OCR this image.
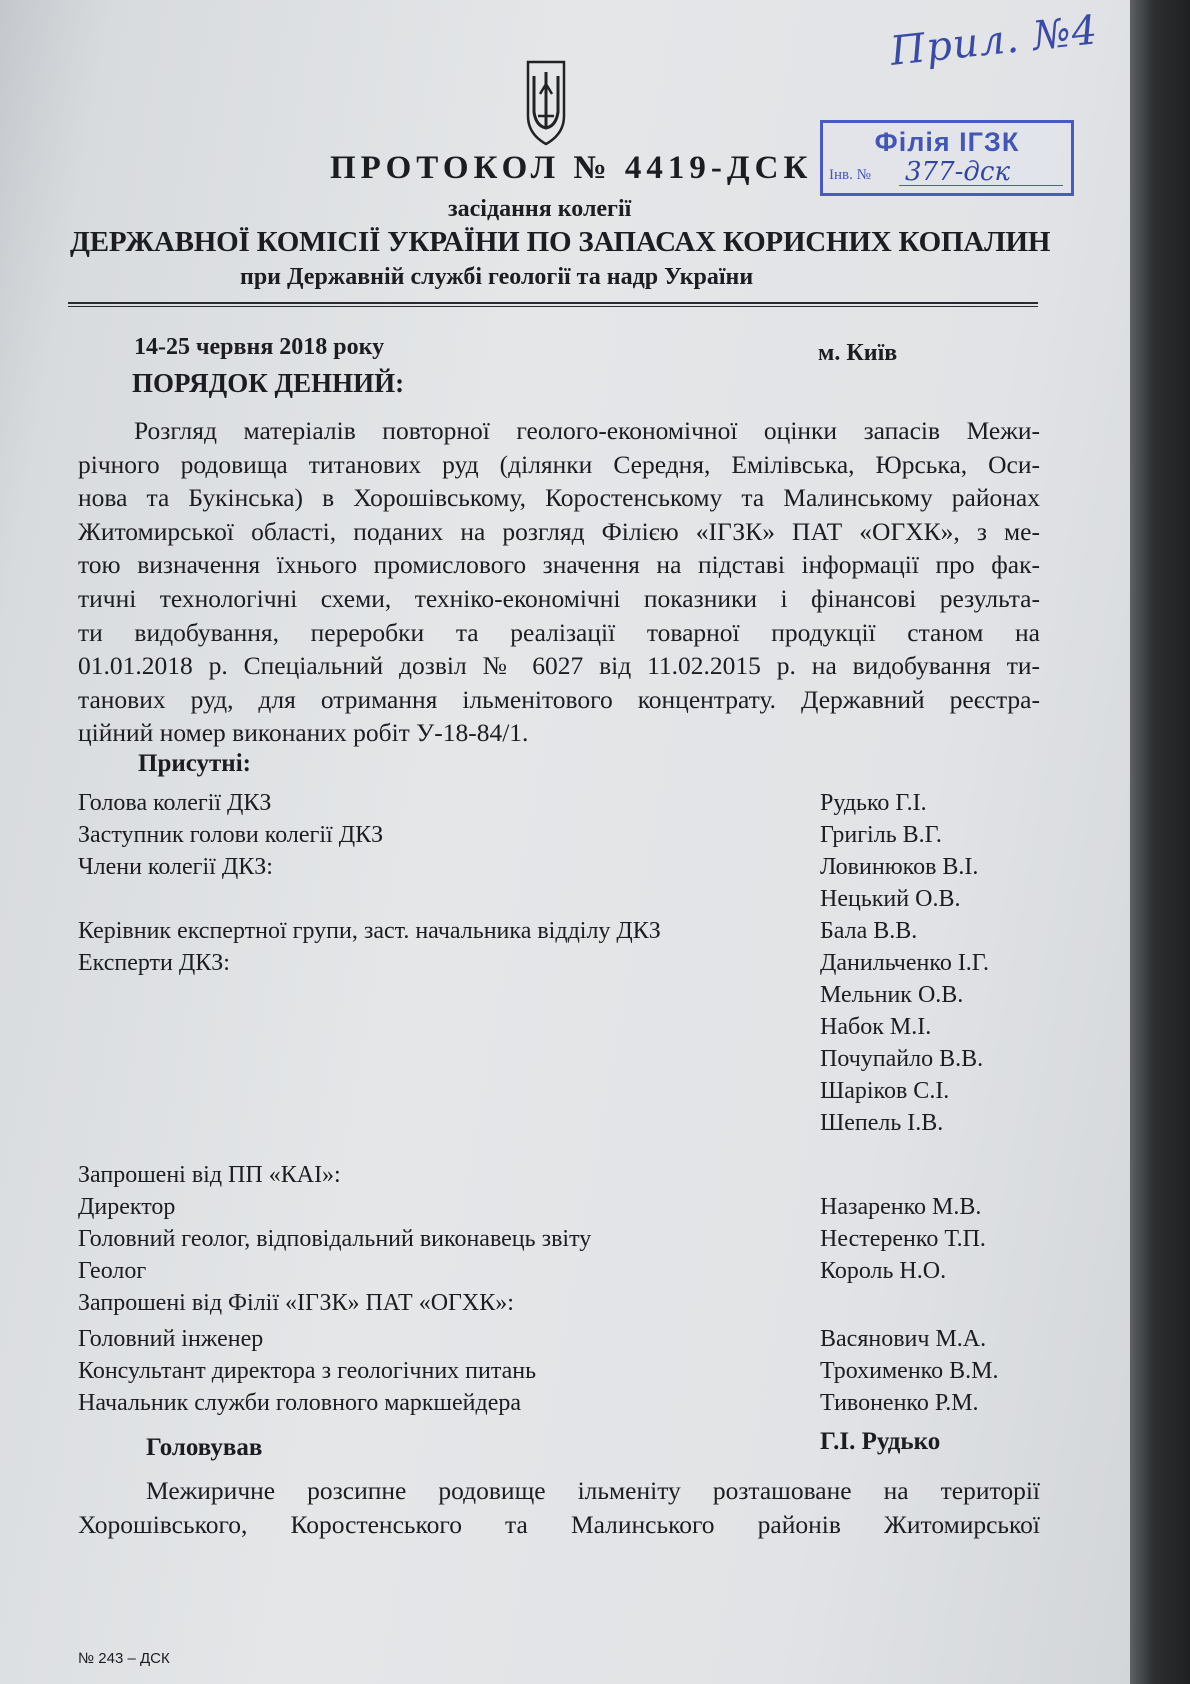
Прил. №4
Філія ІГЗК
Інв. № 377-дск
ПРОТОКОЛ № 4419-ДСК
засідання колегії
ДЕРЖАВНОЇ КОМІСІЇ УКРАЇНИ ПО ЗАПАСАХ КОРИСНИХ КОПАЛИН
при Державній службі геології та надр України
14-25 червня 2018 року	м. Київ
ПОРЯДОК ДЕННИЙ:
Розгляд матеріалів повторної геолого-економічної оцінки запасів Межи-
річного родовища титанових руд (ділянки Середня, Емілівська, Юрська, Оси-
нова та Букінська) в Хорошівському, Коростенському та Малинському районах
Житомирської області, поданих на розгляд Філією «ІГЗК» ПАТ «ОГХК», з ме-
тою визначення їхнього промислового значення на підставі інформації про фак-
тичні технологічні схеми, техніко-економічні показники і фінансові результа-
ти видобування, переробки та реалізації товарної продукції станом на
01.01.2018 р. Спеціальний дозвіл № 6027 від 11.02.2015 р. на видобування ти-
танових руд, для отримання ільменітового концентрату. Державний реєстра-
ційний номер виконаних робіт У-18-84/1.
Присутні:
Голова колегії ДКЗ	Рудько Г.І.
Заступник голови колегії ДКЗ	Григіль В.Г.
Члени колегії ДКЗ:	Ловинюков В.І.
Нецький О.В.
Керівник експертної групи, заст. начальника відділу ДКЗ	Бала В.В.
Експерти ДКЗ:	Данильченко І.Г.
Мельник О.В.
Набок М.І.
Почупайло В.В.
Шаріков С.І.
Шепель І.В.
Запрошені від ПП «КАІ»:
Директор	Назаренко М.В.
Головний геолог, відповідальний виконавець звіту	Нестеренко Т.П.
Геолог	Король Н.О.
Запрошені від Філії «ІГЗК» ПАТ «ОГХК»:
Головний інженер	Васянович М.А.
Консультант директора з геологічних питань	Трохименко В.М.
Начальник служби головного маркшейдера	Тивоненко Р.М.
Головував	Г.І. Рудько
Межиричне розсипне родовище ільменіту розташоване на території
Хорошівського, Коростенського та Малинського районів Житомирської
№ 243 – ДСК
